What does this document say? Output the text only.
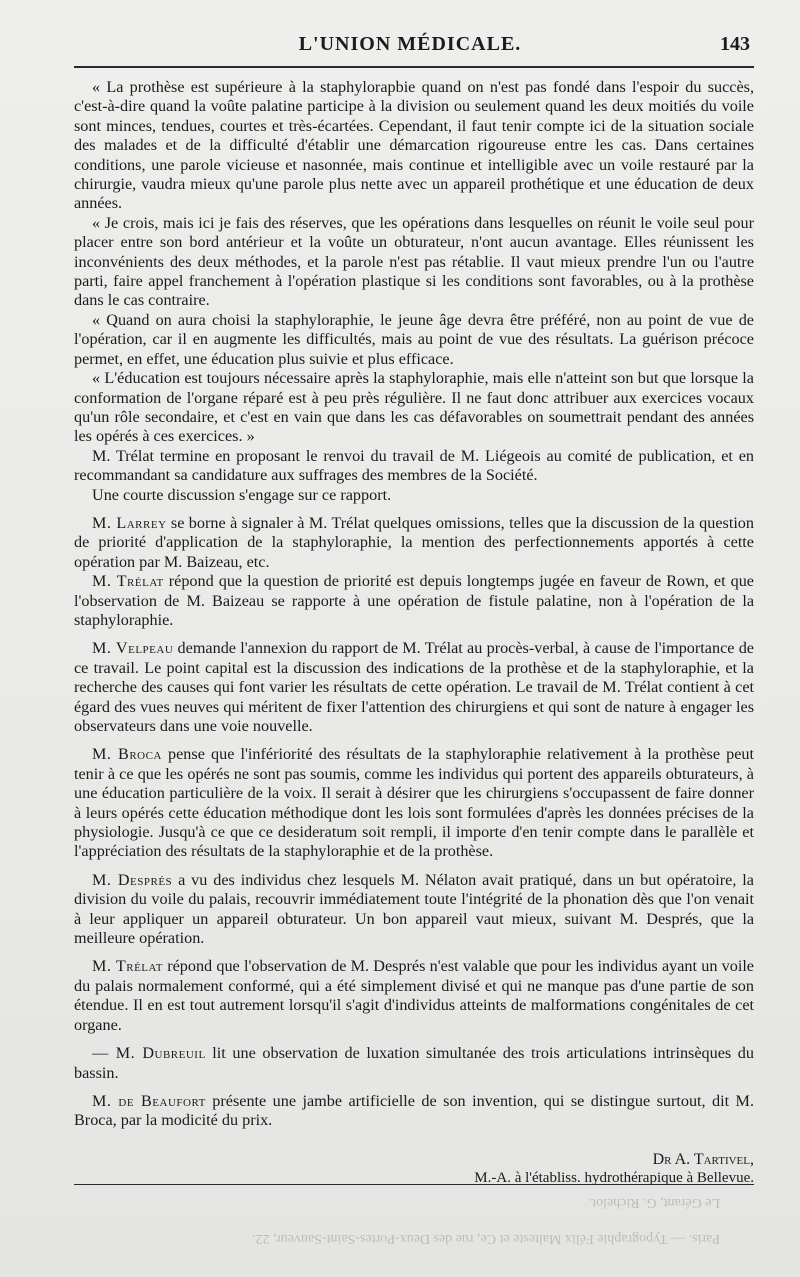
L'UNION MÉDICALE.	143

« La prothèse est supérieure à la staphylorapbie quand on n'est pas fondé dans l'espoir du succès, c'est-à-dire quand la voûte palatine participe à la division ou seulement quand les deux moitiés du voile sont minces, tendues, courtes et très-écartées. Cependant, il faut tenir compte ici de la situation sociale des malades et de la difficulté d'établir une démarcation rigoureuse entre les cas. Dans certaines conditions, une parole vicieuse et nasonnée, mais continue et intelligible avec un voile restauré par la chirurgie, vaudra mieux qu'une parole plus nette avec un appareil prothétique et une éducation de deux années.

« Je crois, mais ici je fais des réserves, que les opérations dans lesquelles on réunit le voile seul pour placer entre son bord antérieur et la voûte un obturateur, n'ont aucun avantage. Elles réunissent les inconvénients des deux méthodes, et la parole n'est pas rétablie. Il vaut mieux prendre l'un ou l'autre parti, faire appel franchement à l'opération plastique si les conditions sont favorables, ou à la prothèse dans le cas contraire.

« Quand on aura choisi la staphyloraphie, le jeune âge devra être préféré, non au point de vue de l'opération, car il en augmente les difficultés, mais au point de vue des résultats. La guérison précoce permet, en effet, une éducation plus suivie et plus efficace.

« L'éducation est toujours nécessaire après la staphyloraphie, mais elle n'atteint son but que lorsque la conformation de l'organe réparé est à peu près régulière. Il ne faut donc attribuer aux exercices vocaux qu'un rôle secondaire, et c'est en vain que dans les cas défavorables on soumettrait pendant des années les opérés à ces exercices. »

M. Trélat termine en proposant le renvoi du travail de M. Liégeois au comité de publication, et en recommandant sa candidature aux suffrages des membres de la Société.

Une courte discussion s'engage sur ce rapport.

M. Larrey se borne à signaler à M. Trélat quelques omissions, telles que la discussion de la question de priorité d'application de la staphyloraphie, la mention des perfectionnements apportés à cette opération par M. Baizeau, etc.

M. Trélat répond que la question de priorité est depuis longtemps jugée en faveur de Rown, et que l'observation de M. Baizeau se rapporte à une opération de fistule palatine, non à l'opération de la staphyloraphie.

M. Velpeau demande l'annexion du rapport de M. Trélat au procès-verbal, à cause de l'importance de ce travail. Le point capital est la discussion des indications de la prothèse et de la staphyloraphie, et la recherche des causes qui font varier les résultats de cette opération. Le travail de M. Trélat contient à cet égard des vues neuves qui méritent de fixer l'attention des chirurgiens et qui sont de nature à engager les observateurs dans une voie nouvelle.

M. Broca pense que l'infériorité des résultats de la staphyloraphie relativement à la prothèse peut tenir à ce que les opérés ne sont pas soumis, comme les individus qui portent des appareils obturateurs, à une éducation particulière de la voix. Il serait à désirer que les chirurgiens s'occupassent de faire donner à leurs opérés cette éducation méthodique dont les lois sont formulées d'après les données précises de la physiologie. Jusqu'à ce que ce desideratum soit rempli, il importe d'en tenir compte dans le parallèle et l'appréciation des résultats de la staphyloraphie et de la prothèse.

M. Després a vu des individus chez lesquels M. Nélaton avait pratiqué, dans un but opératoire, la division du voile du palais, recouvrir immédiatement toute l'intégrité de la phonation dès que l'on venait à leur appliquer un appareil obturateur. Un bon appareil vaut mieux, suivant M. Després, que la meilleure opération.

M. Trélat répond que l'observation de M. Després n'est valable que pour les individus ayant un voile du palais normalement conformé, qui a été simplement divisé et qui ne manque pas d'une partie de son étendue. Il en est tout autrement lorsqu'il s'agit d'individus atteints de malformations congénitales de cet organe.

— M. Dubreuil lit une observation de luxation simultanée des trois articulations intrinsèques du bassin.

M. de Beaufort présente une jambe artificielle de son invention, qui se distingue surtout, dit M. Broca, par la modicité du prix.

Dr A. Tartivel,
M.-A. à l'établiss. hydrothérapique à Bellevue.
Le Gérant, G. Richelot.
Paris. — Typographie Félix Malteste et Ce, rue des Deux-Portes-Saint-Sauveur, 22.
